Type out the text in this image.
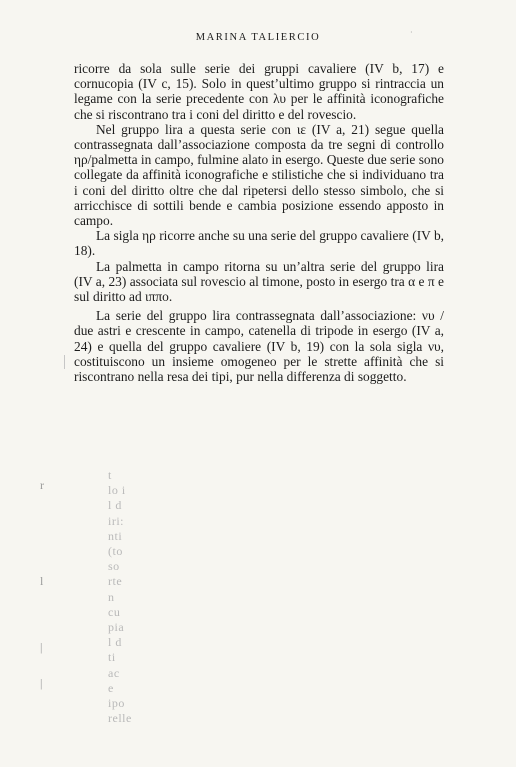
MARINA TALIERCIO	·

ricorre da sola sulle serie dei gruppi cavaliere (IV b, 17) e cornucopia (IV c, 15). Solo in quest’ultimo gruppo si rintraccia un legame con la serie precedente con λυ per le affinità iconografiche che si riscontrano tra i coni del diritto e del rovescio.

Nel gruppo lira a questa serie con ιε (IV a, 21) segue quella contrassegnata dall’associazione composta da tre segni di controllo ηρ/palmetta in campo, fulmine alato in esergo. Queste due serie sono collegate da affinità iconografiche e stilistiche che si individuano tra i coni del diritto oltre che dal ripetersi dello stesso simbolo, che si arricchisce di sottili bende e cambia posizione essendo apposto in campo.

La sigla ηρ ricorre anche su una serie del gruppo cavaliere (IV b, 18).

La palmetta in campo ritorna su un’altra serie del gruppo lira (IV a, 23) associata sul rovescio al timone, posto in esergo tra α e π e sul diritto ad ιππο.

La serie del gruppo lira contrassegnata dall’associazione: νυ / due astri e crescente in campo, catenella di tripode in esergo (IV a, 24) e quella del gruppo cavaliere (IV b, 19) con la sola sigla νυ, costituiscono un insieme omogeneo per le strette affinità che si riscontrano nella resa dei tipi, pur nella differenza di soggetto.

r
l
|
|
t
lo i
l d
iri:
nti
(to
so
rte
n
cu
pia
l d
ti
ac
e
ipo
relle
